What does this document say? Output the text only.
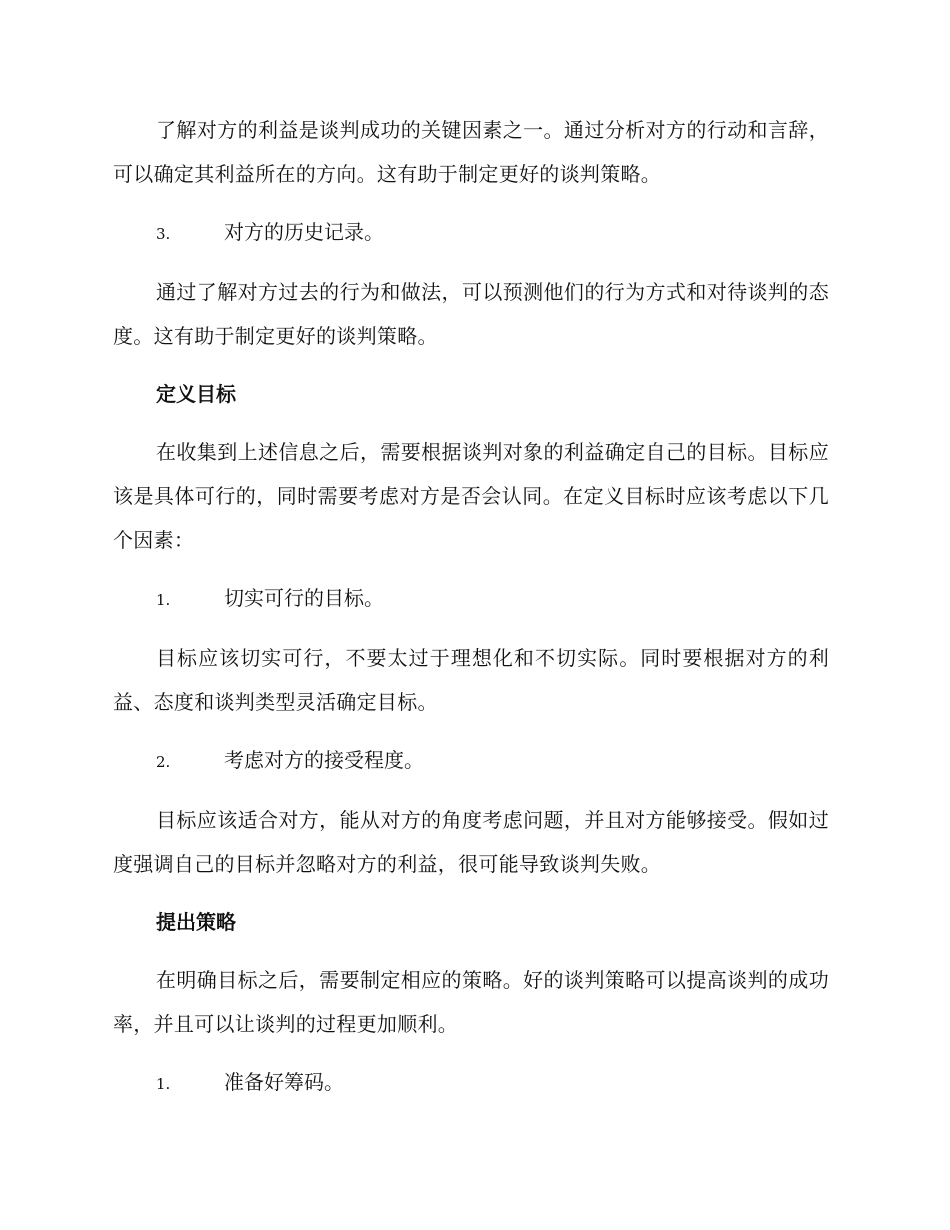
了解对方的利益是谈判成功的关键因素之一。通过分析对方的行动和言辞，可以确定其利益所在的方向。这有助于制定更好的谈判策略。

3.	对方的历史记录。

通过了解对方过去的行为和做法，可以预测他们的行为方式和对待谈判的态度。这有助于制定更好的谈判策略。

定义目标

在收集到上述信息之后，需要根据谈判对象的利益确定自己的目标。目标应该是具体可行的，同时需要考虑对方是否会认同。在定义目标时应该考虑以下几个因素：

1.	切实可行的目标。

目标应该切实可行，不要太过于理想化和不切实际。同时要根据对方的利益、态度和谈判类型灵活确定目标。

2.	考虑对方的接受程度。

目标应该适合对方，能从对方的角度考虑问题，并且对方能够接受。假如过度强调自己的目标并忽略对方的利益，很可能导致谈判失败。

提出策略

在明确目标之后，需要制定相应的策略。好的谈判策略可以提高谈判的成功率，并且可以让谈判的过程更加顺利。

1.	准备好筹码。
